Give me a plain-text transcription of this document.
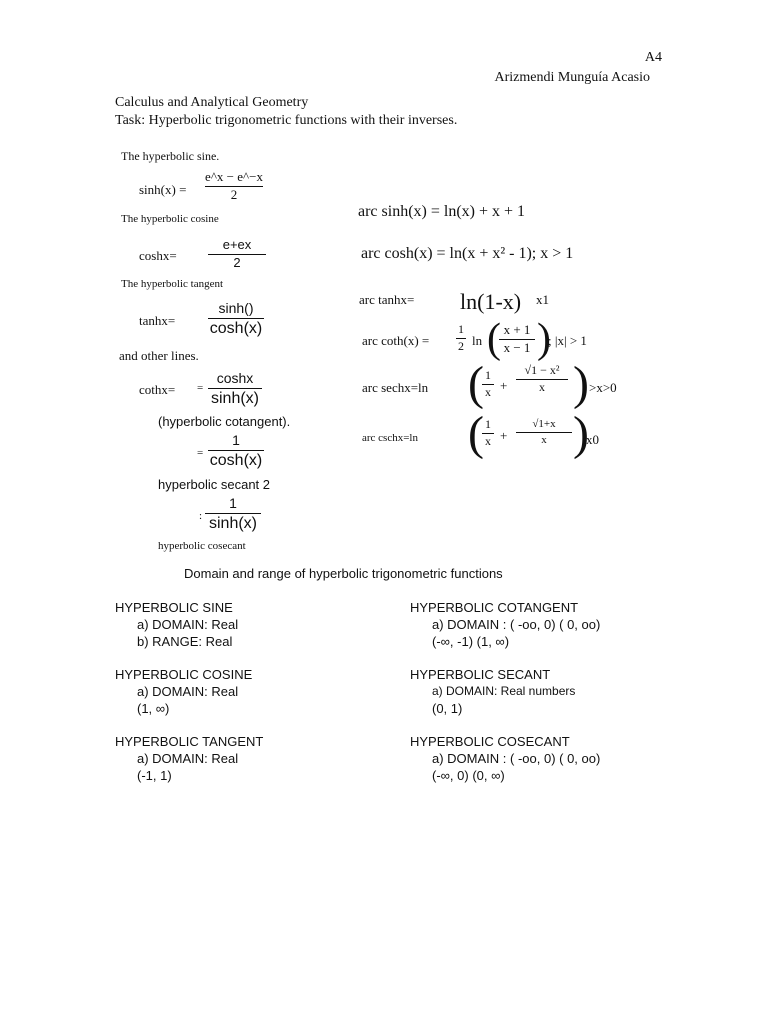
A4
Arizmendi Munguía Acasio
Calculus and Analytical Geometry
Task: Hyperbolic trigonometric functions with their inverses.
The hyperbolic sine.
sinh(x) =
e^x − e^−x
2
The hyperbolic cosine
coshx=
e+ex
2
The hyperbolic tangent
tanhx=
sinh()
cosh(x)
and other lines.
cothx= =
coshx
sinh(x)
(hyperbolic cotangent).
=
1
cosh(x)
hyperbolic secant 2
:
1
sinh(x)
hyperbolic cosecant
arc sinh(x) = ln(x) + x + 1
arc cosh(x) = ln(x + x² - 1); x > 1
arc tanhx= ln(1-x) x1
arc coth(x) =
1
2 ln ( x + 1
x − 1 )
; |x| > 1
arc sechx=ln ( 1
x +
√1 − x²
x ) >x>0
arc cschx=ln ( 1
x +
√1+x
x )
x0
Domain and range of hyperbolic trigonometric functions
HYPERBOLIC SINE
a) DOMAIN: Real
b) RANGE: Real
HYPERBOLIC COSINE
a) DOMAIN: Real
(1, ∞)
HYPERBOLIC TANGENT
a) DOMAIN: Real
(-1, 1)
HYPERBOLIC COTANGENT
a) DOMAIN : ( -oo, 0) ( 0, oo)
(-∞, -1) (1, ∞)
HYPERBOLIC SECANT
a) DOMAIN: Real numbers
(0, 1)
HYPERBOLIC COSECANT
a) DOMAIN : ( -oo, 0) ( 0, oo)
(-∞, 0) (0, ∞)
